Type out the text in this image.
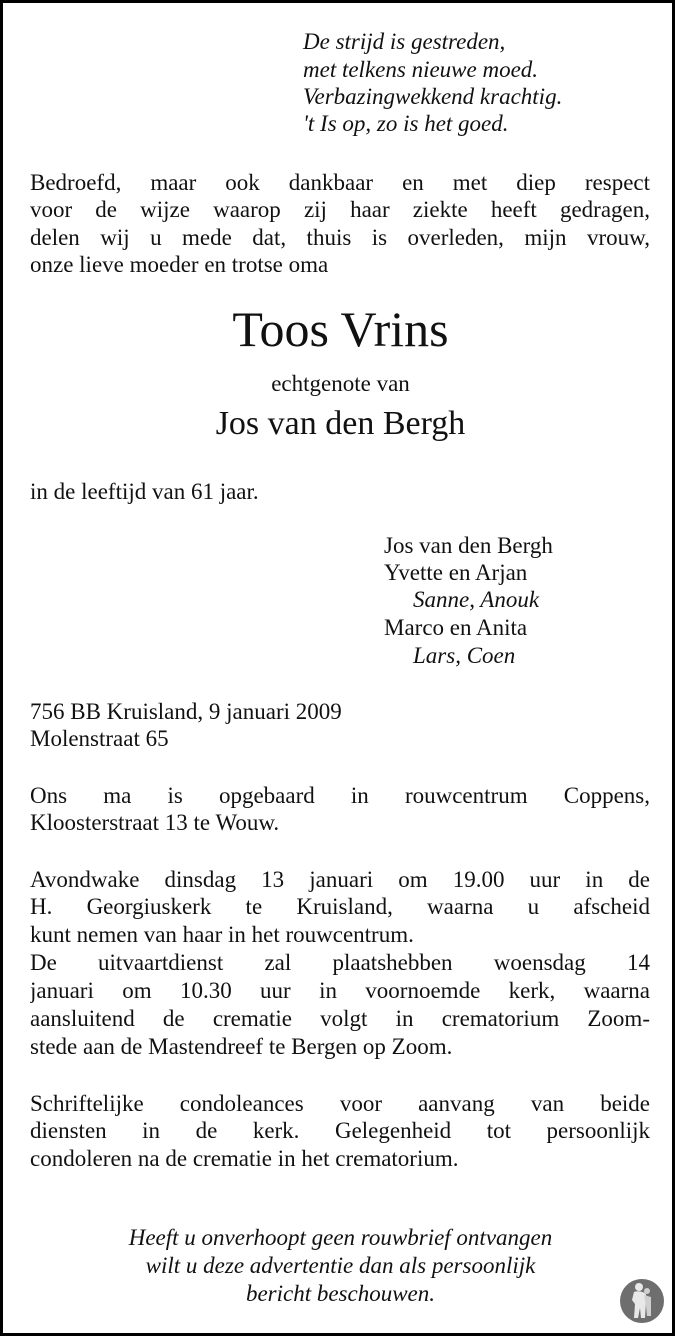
De strijd is gestreden,
met telkens nieuwe moed.
Verbazingwekkend krachtig.
't Is op, zo is het goed.
Bedroefd, maar ook dankbaar en met diep respect
voor de wijze waarop zij haar ziekte heeft gedragen,
delen wij u mede dat, thuis is overleden, mijn vrouw,
onze lieve moeder en trotse oma
Toos Vrins
echtgenote van
Jos van den Bergh
in de leeftijd van 61 jaar.
Jos van den Bergh
Yvette en Arjan
Sanne, Anouk
Marco en Anita
Lars, Coen
756 BB Kruisland, 9 januari 2009
Molenstraat 65
Ons ma is opgebaard in rouwcentrum Coppens,
Kloosterstraat 13 te Wouw.
Avondwake dinsdag 13 januari om 19.00 uur in de
H. Georgiuskerk te Kruisland, waarna u afscheid
kunt nemen van haar in het rouwcentrum.
De uitvaartdienst zal plaatshebben woensdag 14
januari om 10.30 uur in voornoemde kerk, waarna
aansluitend de crematie volgt in crematorium Zoom-
stede aan de Mastendreef te Bergen op Zoom.
Schriftelijke condoleances voor aanvang van beide
diensten in de kerk. Gelegenheid tot persoonlijk
condoleren na de crematie in het crematorium.
Heeft u onverhoopt geen rouwbrief ontvangen
wilt u deze advertentie dan als persoonlijk
bericht beschouwen.
